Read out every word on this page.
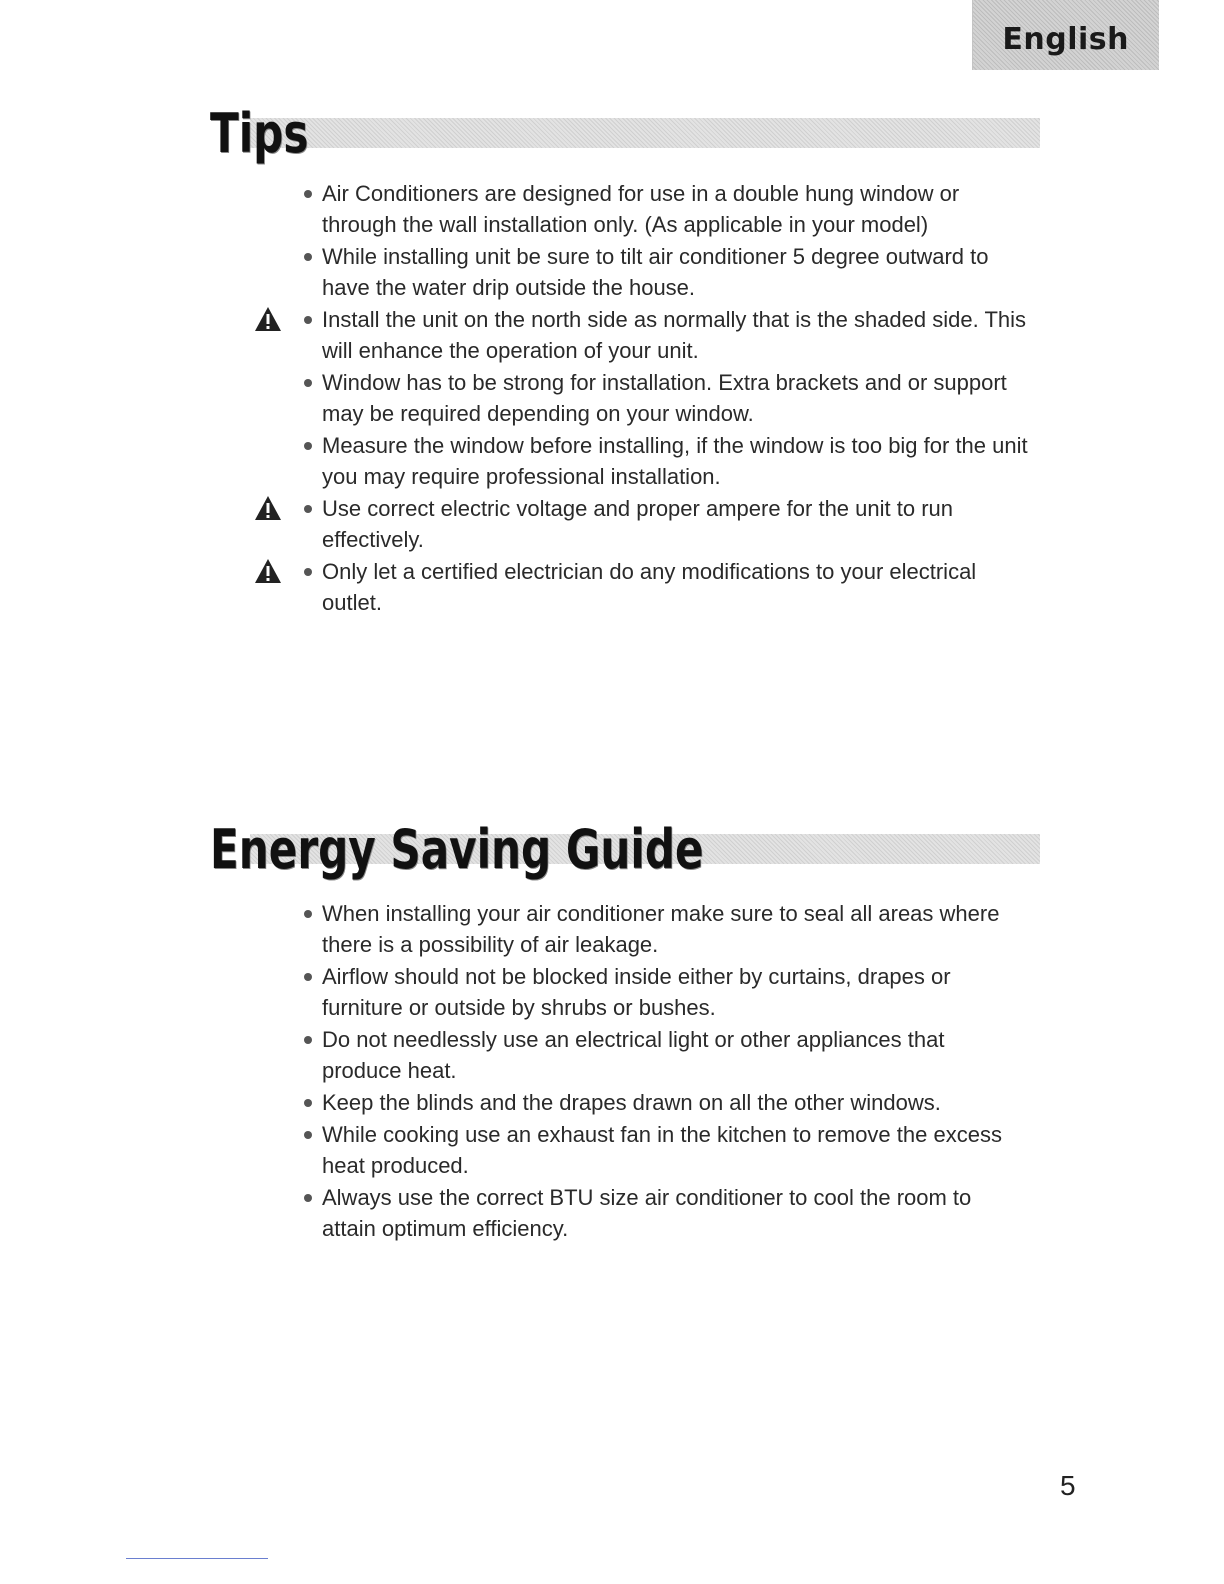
English
Tips
Air Conditioners are designed for use in a double hung window or through the wall installation only. (As applicable in your model)
While installing unit be sure to tilt air conditioner 5 degree outward to have the water drip outside the house.
Install the unit on the north side as normally that is the shaded side. This will enhance the operation of your unit.
Window has to be strong for installation. Extra brackets and or support may be required depending on your window.
Measure the window before installing, if the window is too big for the unit you may require professional installation.
Use correct electric voltage and proper ampere for the unit to run effectively.
Only let a certified electrician do any modifications to your electrical outlet.
Energy Saving Guide
When installing your air conditioner make sure to seal all areas where there is a possibility of air leakage.
Airflow should not be blocked inside either by curtains, drapes or furniture or outside by shrubs or bushes.
Do not needlessly use an electrical light or other appliances that produce heat.
Keep the blinds and the drapes drawn on all the other windows.
While cooking use an exhaust fan in the kitchen to remove the excess heat produced.
Always use the correct BTU size air conditioner to cool the room to attain optimum efficiency.
5
